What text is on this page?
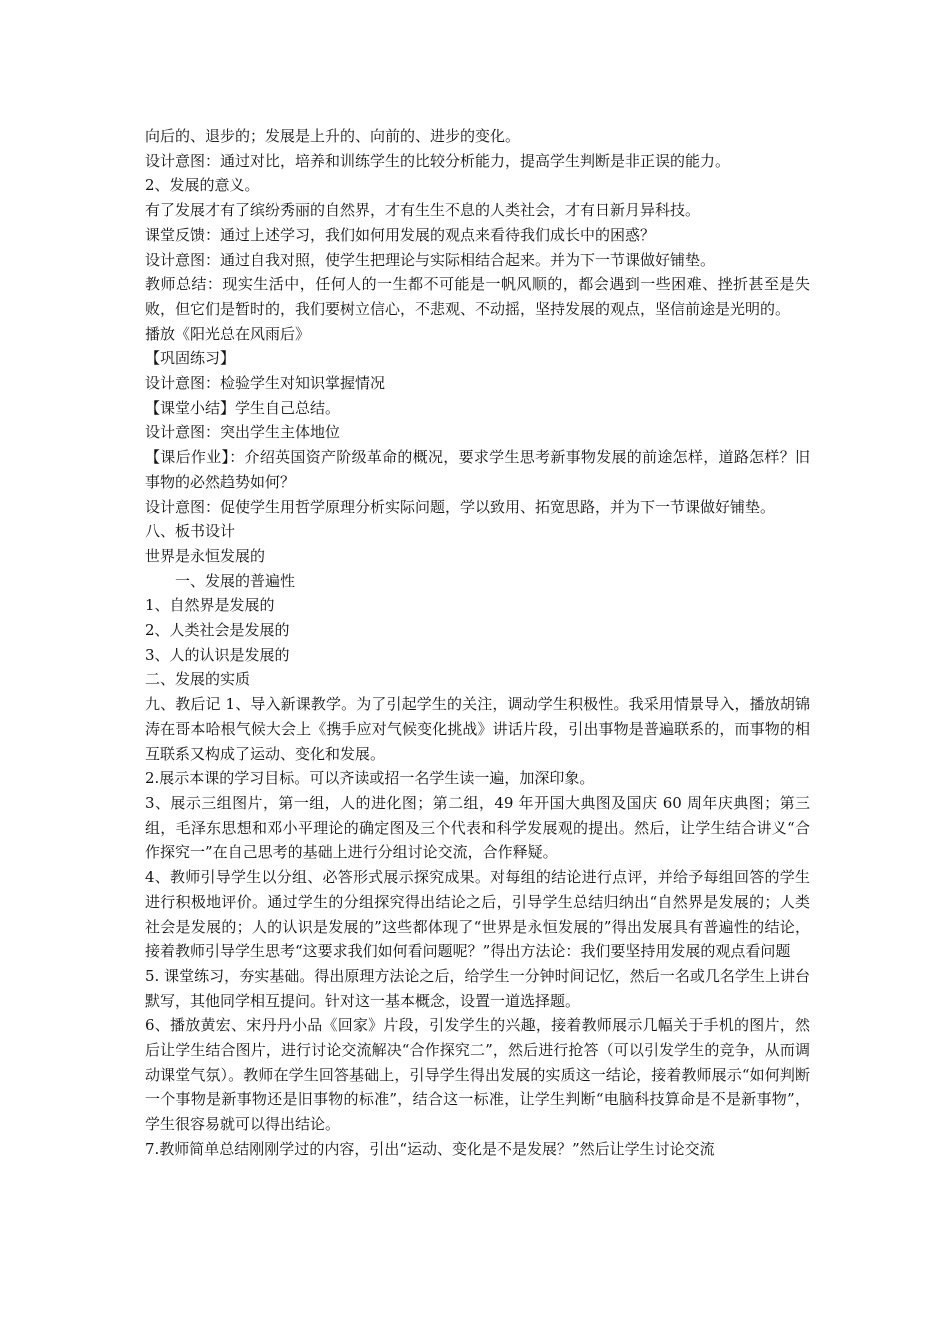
向后的、退步的；发展是上升的、向前的、进步的变化。

设计意图：通过对比，培养和训练学生的比较分析能力，提高学生判断是非正误的能力。

2、发展的意义。

有了发展才有了缤纷秀丽的自然界，才有生生不息的人类社会，才有日新月异科技。

课堂反馈：通过上述学习，我们如何用发展的观点来看待我们成长中的困惑？

设计意图：通过自我对照，使学生把理论与实际相结合起来。并为下一节课做好铺垫。

教师总结：现实生活中，任何人的一生都不可能是一帆风顺的，都会遇到一些困难、挫折甚至是失败，但它们是暂时的，我们要树立信心，不悲观、不动摇，坚持发展的观点，坚信前途是光明的。

播放《阳光总在风雨后》

【巩固练习】

设计意图：检验学生对知识掌握情况

【课堂小结】学生自己总结。

设计意图：突出学生主体地位

【课后作业】：介绍英国资产阶级革命的概况，要求学生思考新事物发展的前途怎样，道路怎样？旧事物的必然趋势如何？

设计意图：促使学生用哲学原理分析实际问题，学以致用、拓宽思路，并为下一节课做好铺垫。

八、板书设计

世界是永恒发展的

一、发展的普遍性

1、自然界是发展的

2、人类社会是发展的

3、人的认识是发展的

二、发展的实质

九、教后记 1、导入新课教学。为了引起学生的关注，调动学生积极性。我采用情景导入，播放胡锦涛在哥本哈根气候大会上《携手应对气候变化挑战》讲话片段，引出事物是普遍联系的，而事物的相互联系又构成了运动、变化和发展。

2.展示本课的学习目标。可以齐读或招一名学生读一遍，加深印象。

3、展示三组图片，第一组，人的进化图；第二组，49 年开国大典图及国庆 60 周年庆典图；第三组，毛泽东思想和邓小平理论的确定图及三个代表和科学发展观的提出。然后，让学生结合讲义“合作探究一”在自己思考的基础上进行分组讨论交流，合作释疑。

4、教师引导学生以分组、必答形式展示探究成果。对每组的结论进行点评，并给予每组回答的学生进行积极地评价。通过学生的分组探究得出结论之后，引导学生总结归纳出“自然界是发展的；人类社会是发展的；人的认识是发展的”这些都体现了“世界是永恒发展的”得出发展具有普遍性的结论，接着教师引导学生思考“这要求我们如何看问题呢？”得出方法论：我们要坚持用发展的观点看问题

5. 课堂练习，夯实基础。得出原理方法论之后，给学生一分钟时间记忆，然后一名或几名学生上讲台默写，其他同学相互提问。针对这一基本概念，设置一道选择题。

6、播放黄宏、宋丹丹小品《回家》片段，引发学生的兴趣，接着教师展示几幅关于手机的图片，然后让学生结合图片，进行讨论交流解决“合作探究二”，然后进行抢答（可以引发学生的竞争，从而调动课堂气氛）。教师在学生回答基础上，引导学生得出发展的实质这一结论，接着教师展示“如何判断一个事物是新事物还是旧事物的标准”，结合这一标准，让学生判断“电脑科技算命是不是新事物”，学生很容易就可以得出结论。

7.教师简单总结刚刚学过的内容，引出“运动、变化是不是发展？”然后让学生讨论交流
